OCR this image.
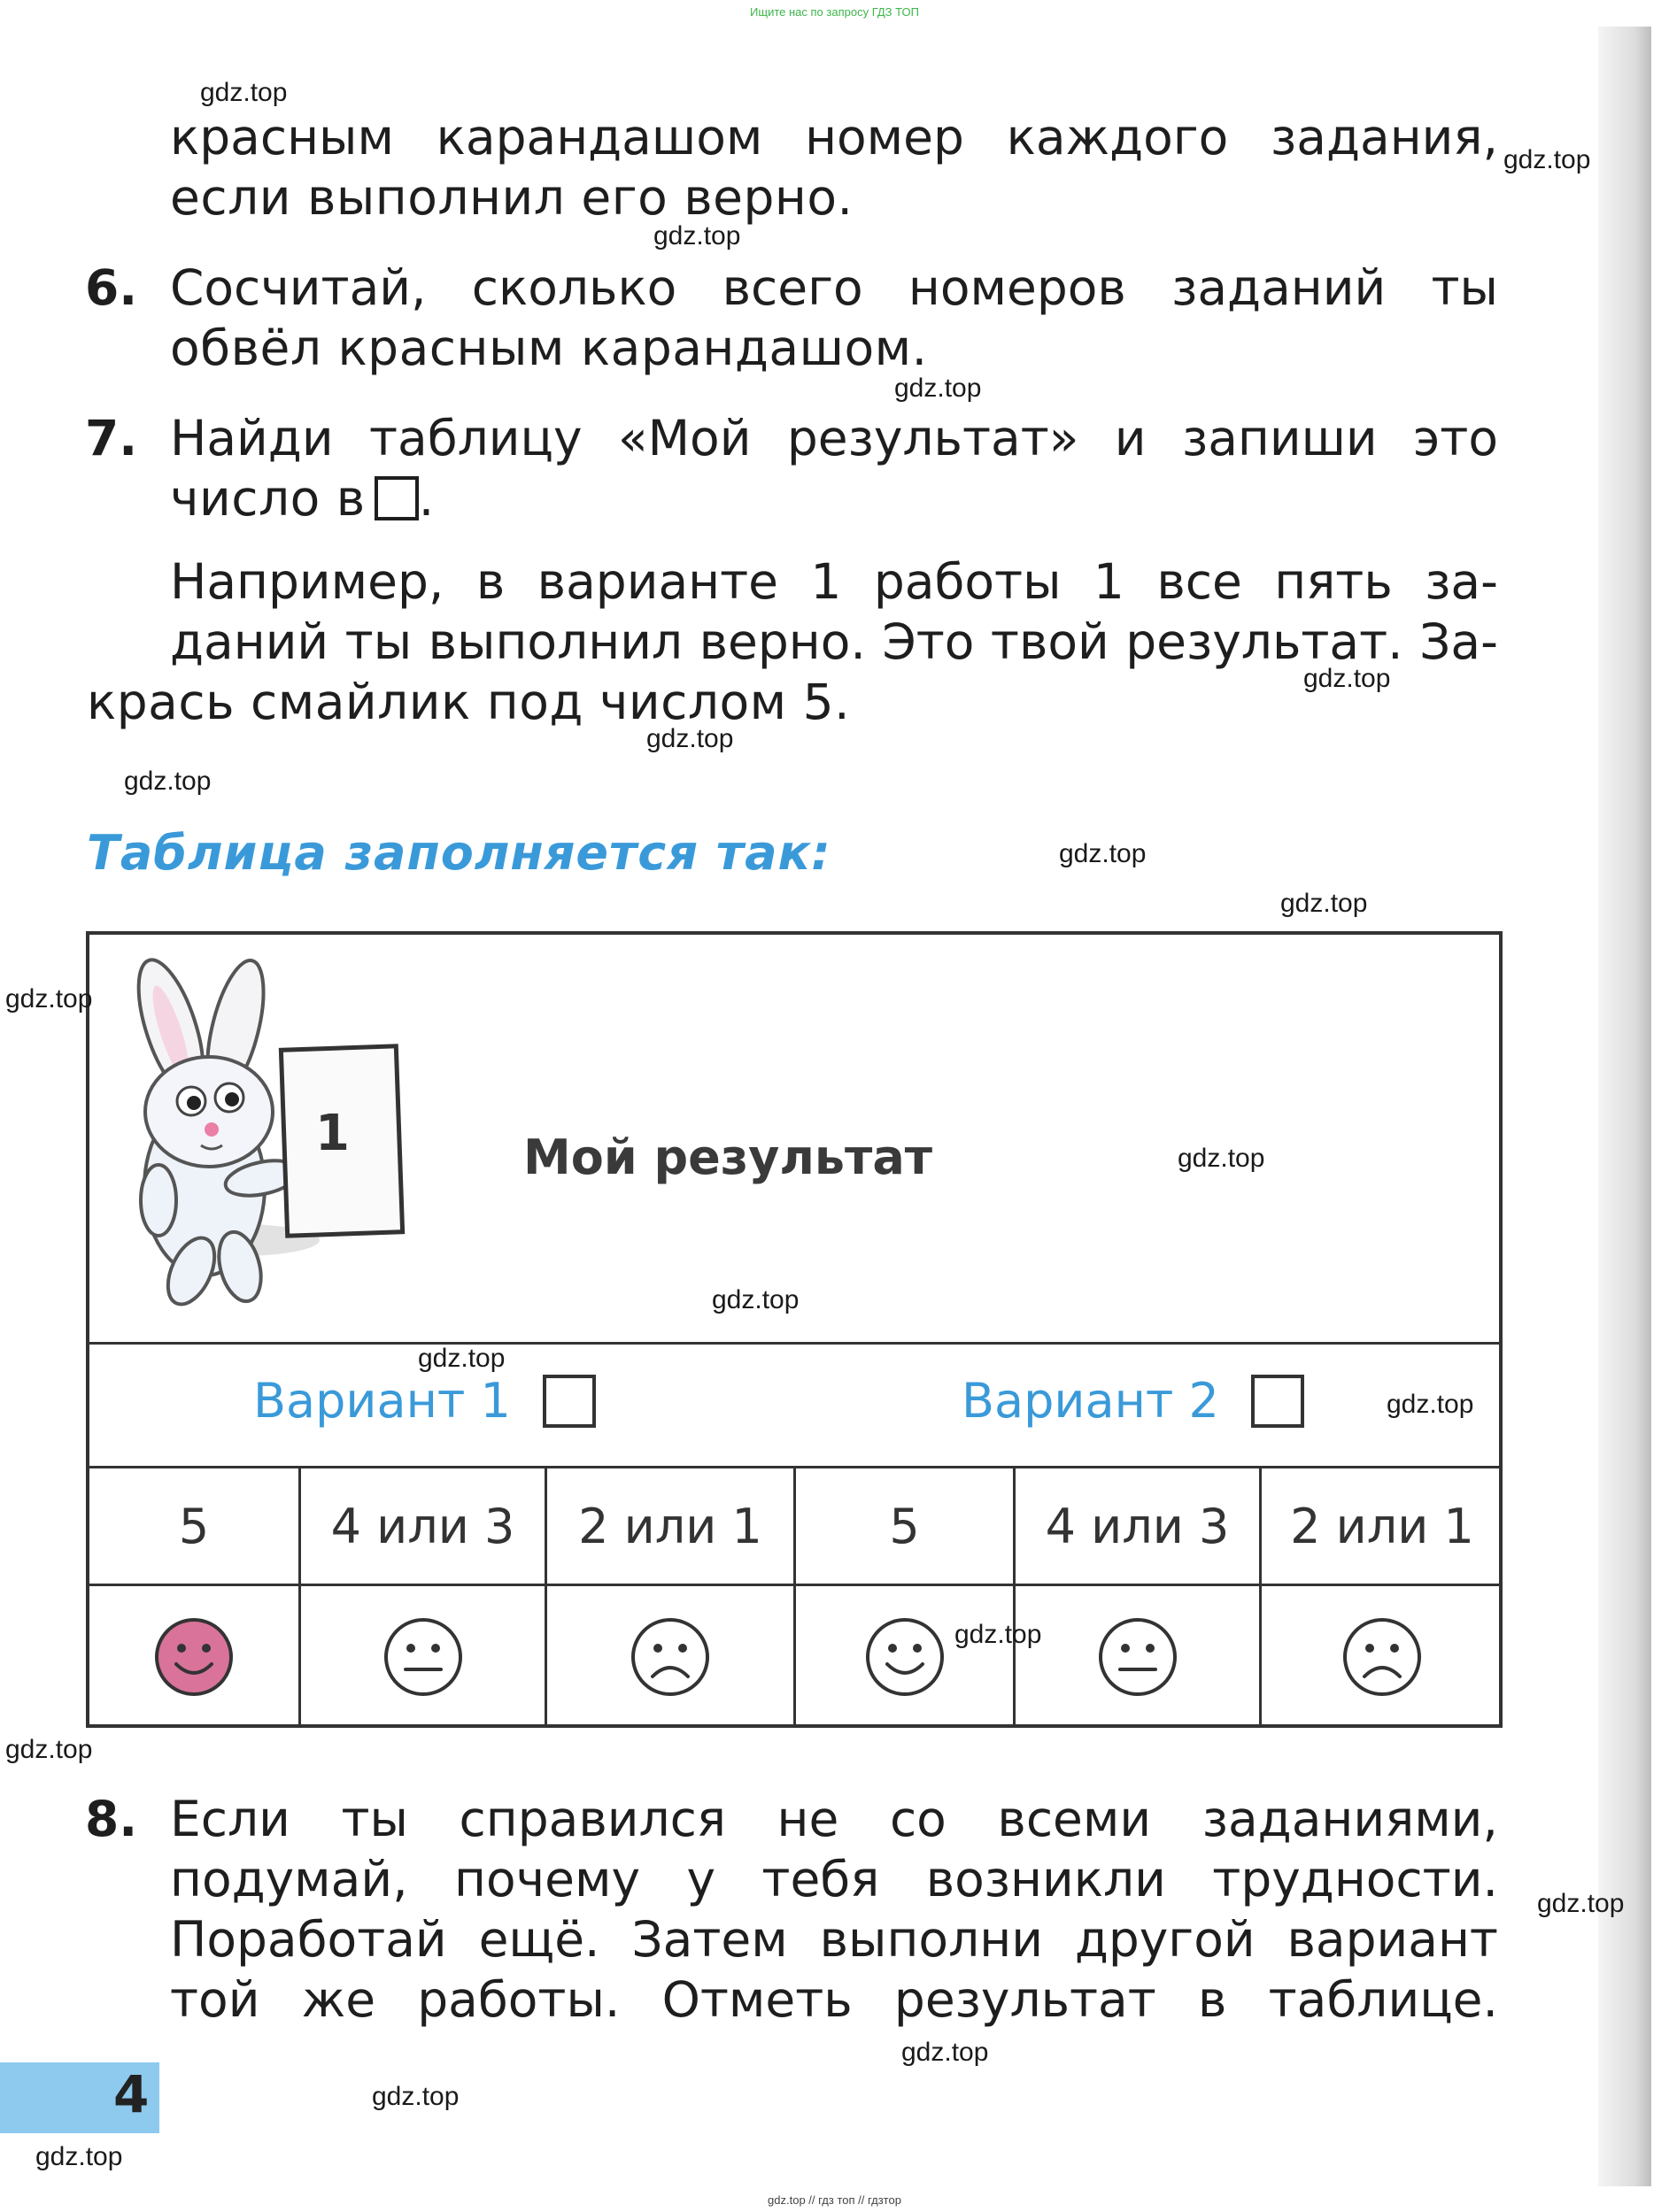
Ищите нас по запросу ГДЗ ТОП
красным карандашом номер каждого задания,
если выполнил его верно.
6. Сосчитай, сколько всего номеров заданий ты
обвёл красным карандашом.
7. Найди таблицу «Мой результат» и запиши это
число в .
Например, в варианте 1 работы 1 все пять за-
даний ты выполнил верно. Это твой результат. За-
крась смайлик под числом 5.
Таблица заполняется так:
1	Мой результат
Вариант 1	Вариант 2
5	4 или 3	2 или 1	5	4 или 3	2 или 1
8. Если ты справился не со всеми заданиями,
подумай, почему у тебя возникли трудности.
Поработай ещё. Затем выполни другой вариант
той же работы. Отметь результат в таблице.
4
gdz.top
gdz.top
gdz.top
gdz.top
gdz.top
gdz.top
gdz.top
gdz.top
gdz.top
gdz.top
gdz.top
gdz.top
gdz.top
gdz.top
gdz.top
gdz.top
gdz.top
gdz.top
gdz.top
gdz.top
gdz.top // гдз топ // гдзтор
